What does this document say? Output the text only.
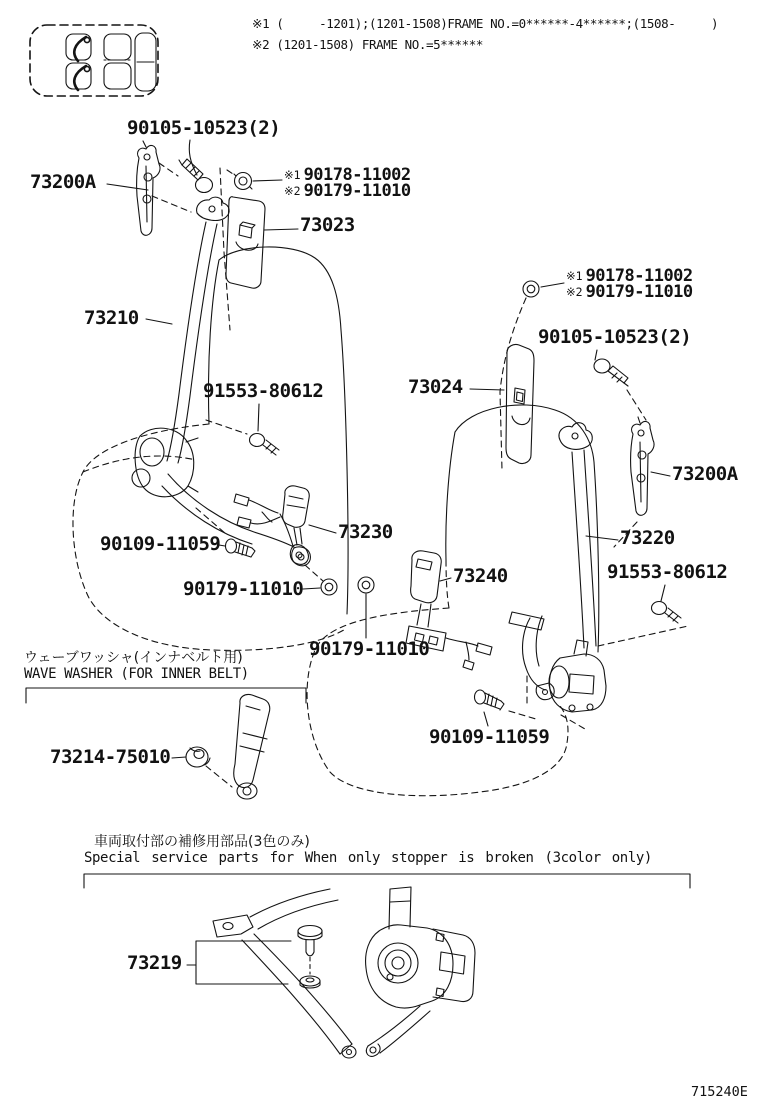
※1 (     -1201);(1201-1508)FRAME NO.=0******-4******;(1508-     )
※2 (1201-1508) FRAME NO.=5******
90105-10523(2)
73200A	※1 90178-11002
※2 90179-11010
73023
73210
91553-80612
※1 90178-11002
※2 90179-11010
90105-10523(2)
73024
73200A
73220
91553-80612
90109-11059
73230
90179-11010
73240
90179-11010
90109-11059
ウェーブワッシャ(インナベルト用)
WAVE WASHER (FOR INNER BELT)
73214-75010
車両取付部の補修用部品(3色のみ)
Special service parts for When only stopper is broken (3color only)
73219
715240E
